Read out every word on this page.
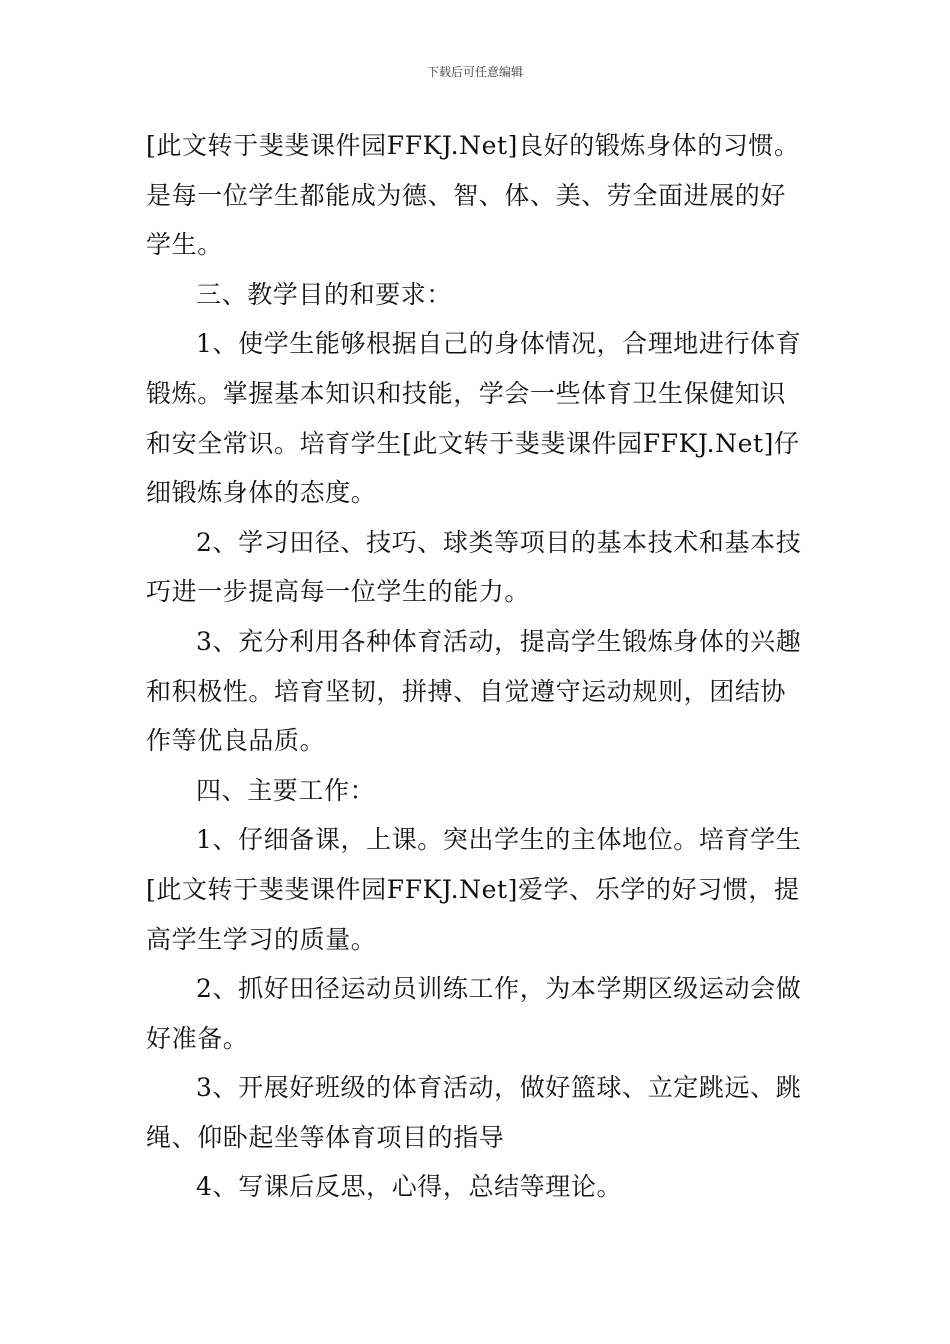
下载后可任意编辑

[此文转于斐斐课件园FFKJ.Net]良好的锻炼身体的习惯。是每一位学生都能成为德、智、体、美、劳全面进展的好学生。

三、教学目的和要求：

1、使学生能够根据自己的身体情况，合理地进行体育锻炼。掌握基本知识和技能，学会一些体育卫生保健知识和安全常识。培育学生[此文转于斐斐课件园FFKJ.Net]仔细锻炼身体的态度。

2、学习田径、技巧、球类等项目的基本技术和基本技巧进一步提高每一位学生的能力。

3、充分利用各种体育活动，提高学生锻炼身体的兴趣和积极性。培育坚韧，拼搏、自觉遵守运动规则，团结协作等优良品质。

四、主要工作：

1、仔细备课，上课。突出学生的主体地位。培育学生[此文转于斐斐课件园FFKJ.Net]爱学、乐学的好习惯，提高学生学习的质量。

2、抓好田径运动员训练工作，为本学期区级运动会做好准备。

3、开展好班级的体育活动，做好篮球、立定跳远、跳绳、仰卧起坐等体育项目的指导

4、写课后反思，心得，总结等理论。
